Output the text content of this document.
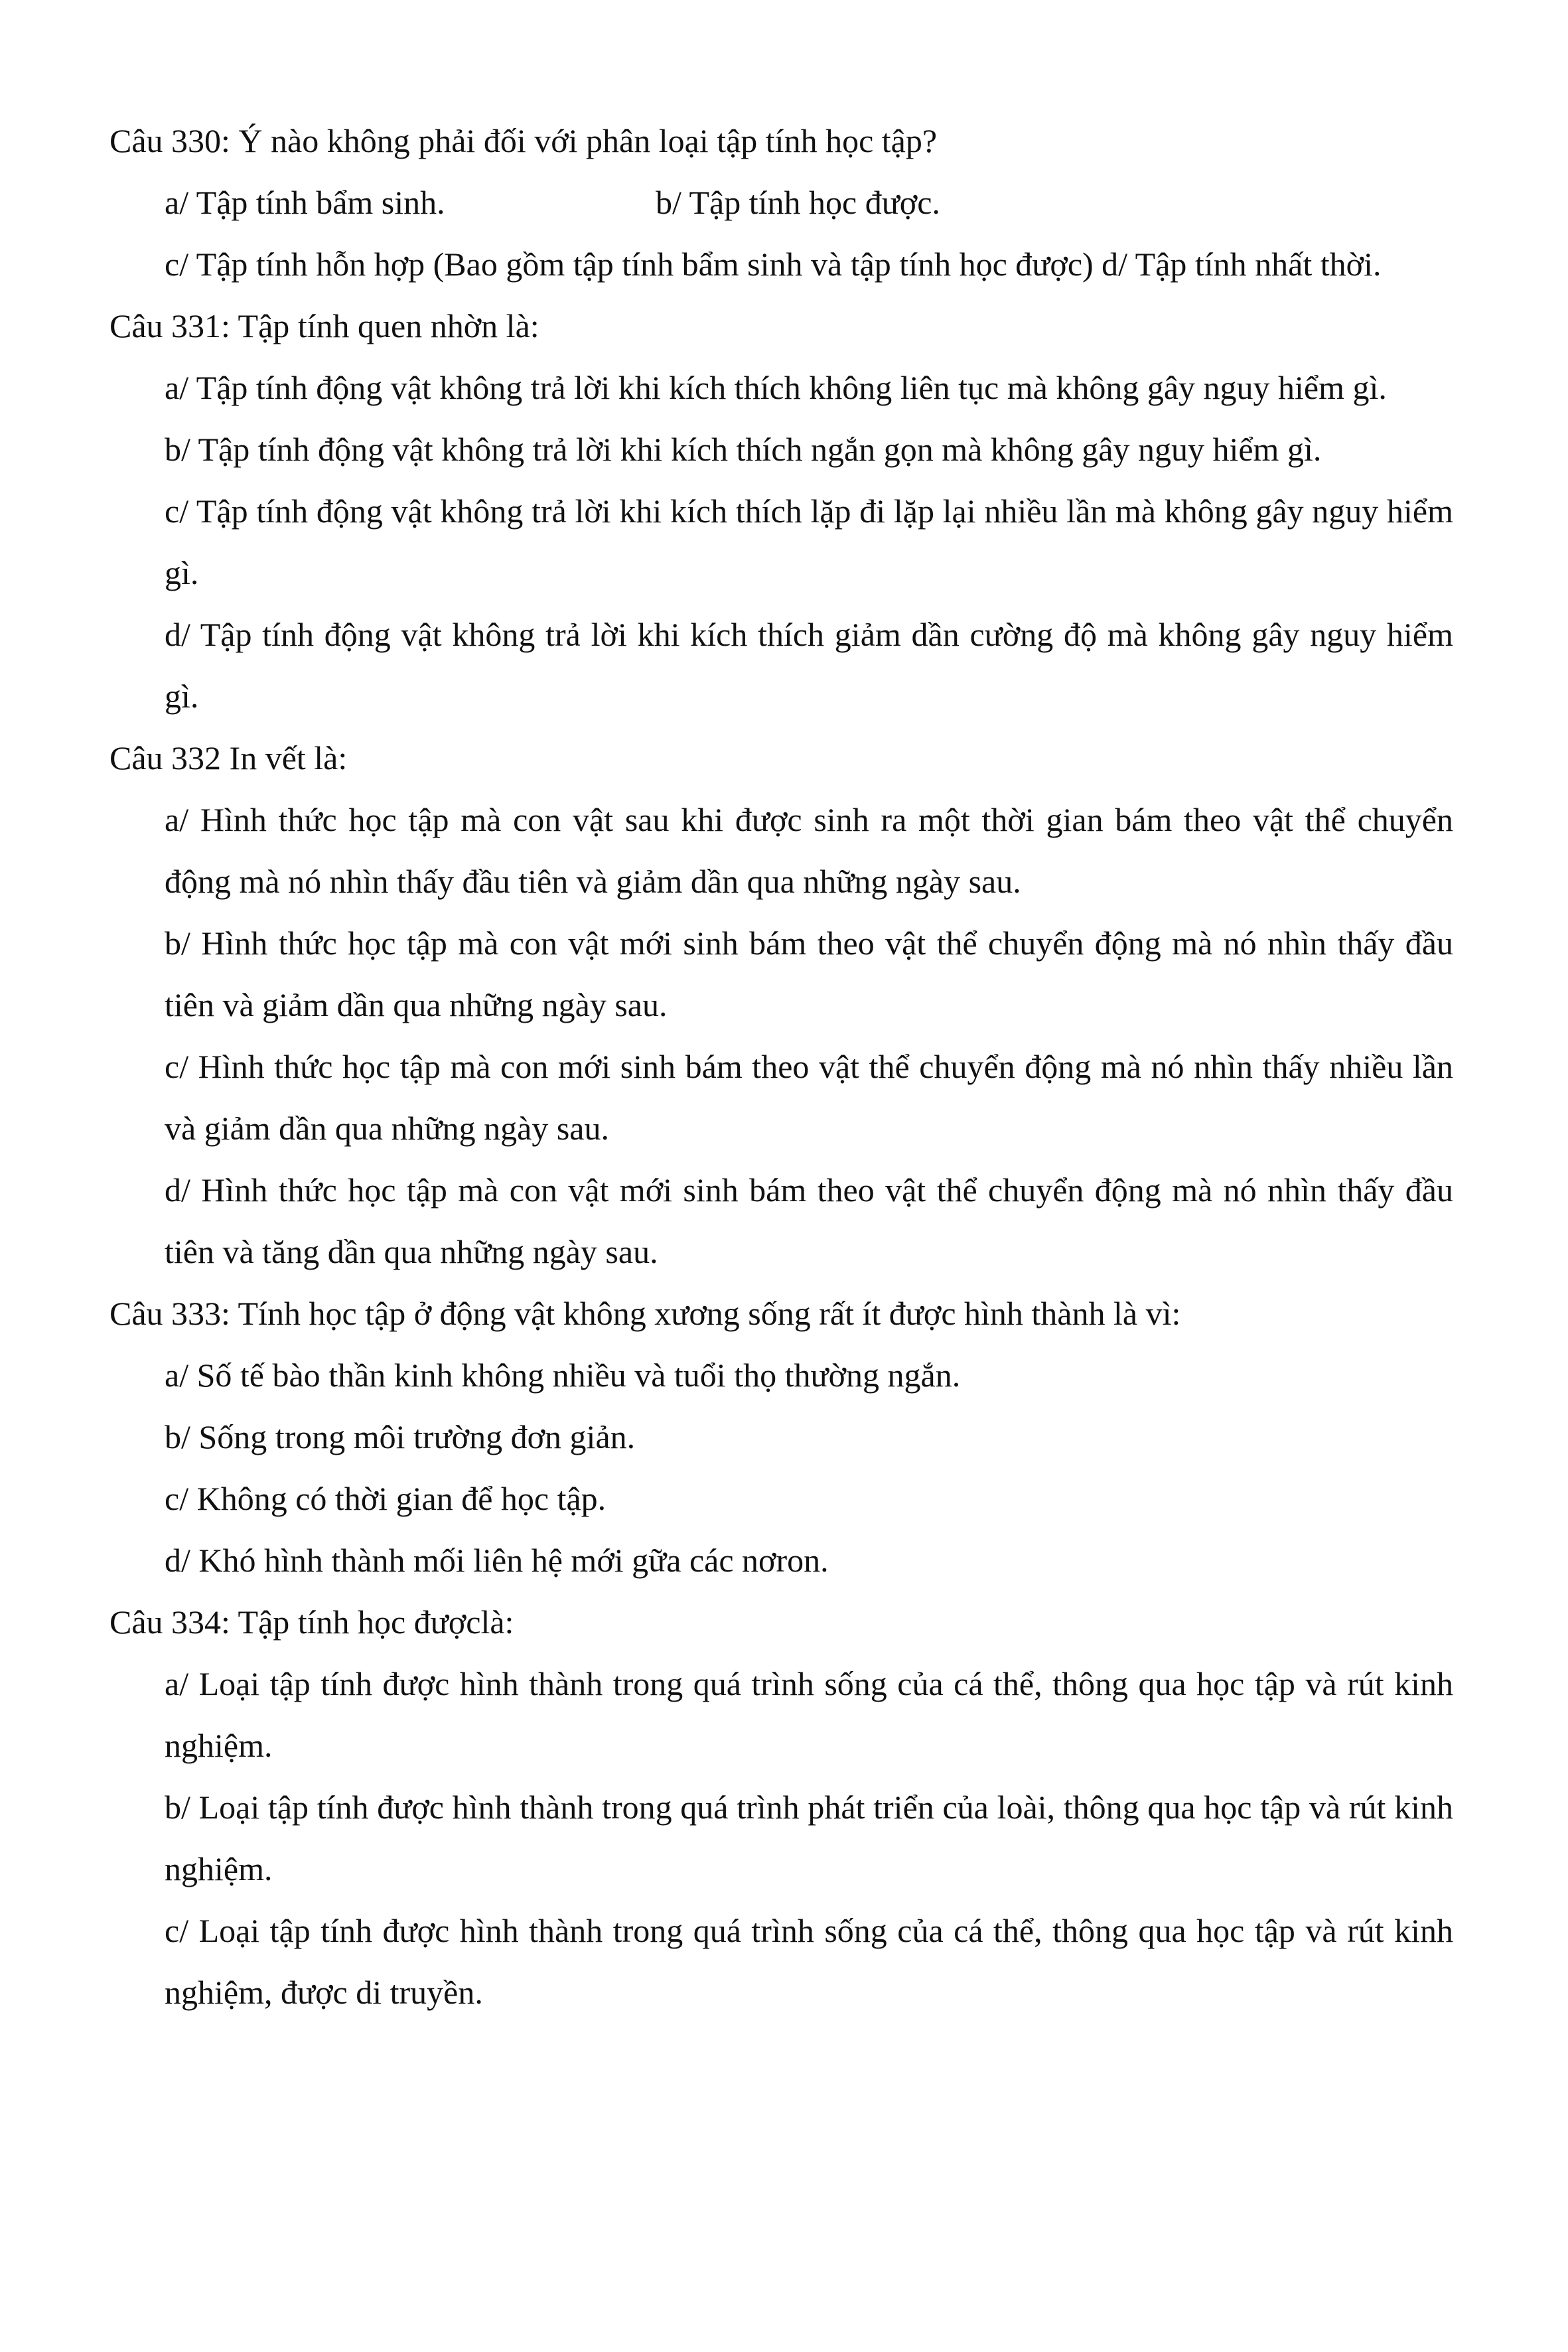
Câu 330: Ý nào không phải đối với phân loại tập tính học tập?
a/ Tập tính bẩm sinh.	b/ Tập tính học được.
c/ Tập tính hỗn hợp (Bao gồm tập tính bẩm sinh và tập tính học được) d/ Tập tính nhất thời.
Câu 331: Tập tính quen nhờn là:
a/ Tập tính động vật không trả lời khi kích thích không liên tục mà không gây nguy hiểm gì.
b/ Tập tính động vật không trả lời khi kích thích ngắn gọn mà không gây nguy hiểm gì.
c/ Tập tính động vật không trả lời khi kích thích lặp đi lặp lại nhiều lần mà không gây nguy hiểm gì.
d/ Tập tính động vật không trả lời khi kích thích giảm dần cường độ mà không gây nguy hiểm gì.
Câu 332 In vết là:
a/ Hình thức học tập mà con vật sau khi được sinh ra một thời gian bám theo vật thể chuyển động mà nó nhìn thấy đầu tiên và giảm dần qua những ngày sau.
b/ Hình thức học tập mà con vật mới sinh bám theo vật thể chuyển động mà nó nhìn thấy đầu tiên và giảm dần qua những ngày sau.
c/ Hình thức học tập mà con mới sinh bám theo vật thể chuyển động mà nó nhìn thấy nhiều lần và giảm dần qua những ngày sau.
d/ Hình thức học tập mà con vật mới sinh bám theo vật thể chuyển động mà nó nhìn thấy đầu tiên và tăng dần qua những ngày sau.
Câu 333: Tính học tập ở động vật không xương sống rất ít được hình thành là vì:
a/ Số tế bào thần kinh không nhiều và tuổi thọ thường ngắn.
b/ Sống trong môi trường đơn giản.
c/ Không có thời gian để học tập.
d/ Khó hình thành mối liên hệ mới gữa các nơron.
Câu 334: Tập tính học đượclà:
a/ Loại tập tính được hình thành trong quá trình sống của cá thể, thông qua học tập và rút kinh nghiệm.
b/ Loại tập tính được hình thành trong quá trình phát triển của loài, thông qua học tập và rút kinh nghiệm.
c/ Loại tập tính được hình thành trong quá trình sống của cá thể, thông qua học tập và rút kinh nghiệm, được di truyền.
